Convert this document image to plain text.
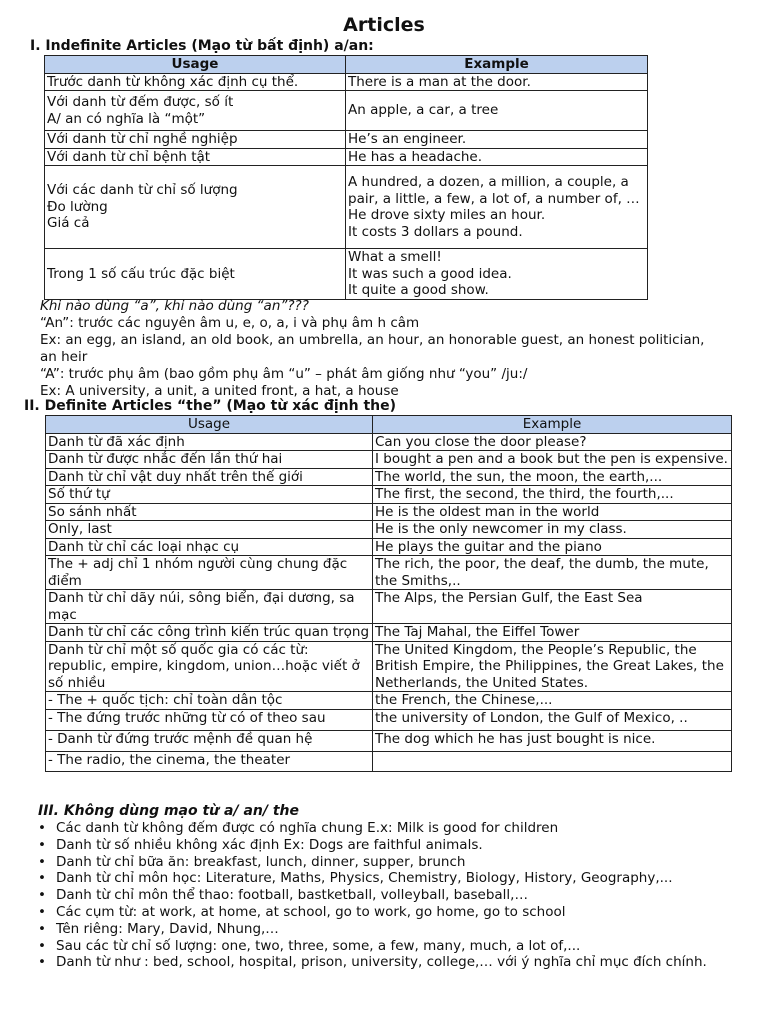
Articles
I. Indefinite Articles (Mạo từ bất định) a/an:
Usage	Example
Trước danh từ không xác định cụ thể.	There is a man at the door.
Với danh từ đếm được, số ít
A/ an có nghĩa là “một”	An apple, a car, a tree
Với danh từ chỉ nghề nghiệp	He’s an engineer.
Với danh từ chỉ bệnh tật	He has a headache.
Với các danh từ chỉ số lượng
Đo lường
Giá cả	A hundred, a dozen, a million, a couple, a pair, a little, a few, a lot of, a number of, …
He drove sixty miles an hour.
It costs 3 dollars a pound.
Trong 1 số cấu trúc đặc biệt	What a smell!
It was such a good idea.
It quite a good show.
Khi nào dùng “a”, khi nào dùng “an”???
“An”: trước các nguyên âm u, e, o, a, i và phụ âm h câm
Ex: an egg, an island, an old book, an umbrella, an hour, an honorable guest, an honest politician,
an heir
“A”: trước phụ âm (bao gồm phụ âm “u” – phát âm giống như “you” /ju:/
Ex: A university, a unit, a united front, a hat, a house
II. Definite Articles “the” (Mạo từ xác định the)
Usage	Example
Danh từ đã xác định	Can you close the door please?
Danh từ được nhắc đến lần thứ hai	I bought a pen and a book but the pen is expensive.
Danh từ chỉ vật duy nhất trên thế giới	The world, the sun, the moon, the earth,...
Số thứ tự	The first, the second, the third, the fourth,...
So sánh nhất	He is the oldest man in the world
Only, last	He is the only newcomer in my class.
Danh từ chỉ các loại nhạc cụ	He plays the guitar and the piano
The + adj chỉ 1 nhóm người cùng chung đặc điểm	The rich, the poor, the deaf, the dumb, the mute, the Smiths,..
Danh từ chỉ dãy núi, sông biển, đại dương, sa mạc	The Alps, the Persian Gulf, the East Sea
Danh từ chỉ các công trình kiến trúc quan trọng	The Taj Mahal, the Eiffel Tower
Danh từ chỉ một số quốc gia có các từ: republic, empire, kingdom, union…hoặc viết ở số nhiều	The United Kingdom, the People’s Republic, the British Empire, the Philippines, the Great Lakes, the Netherlands, the United States.
- The + quốc tịch: chỉ toàn dân tộc	the French, the Chinese,...
- The đứng trước những từ có of theo sau	the university of London, the Gulf of Mexico, ..
- Danh từ đứng trước mệnh đề quan hệ	The dog which he has just bought is nice.
- The radio, the cinema, the theater	
III. Không dùng mạo từ a/ an/ the
• Các danh từ không đếm được có nghĩa chung E.x: Milk is good for children
• Danh từ số nhiều không xác định Ex: Dogs are faithful animals.
• Danh từ chỉ bữa ăn: breakfast, lunch, dinner, supper, brunch
• Danh từ chỉ môn học: Literature, Maths, Physics, Chemistry, Biology, History, Geography,...
• Danh từ chỉ môn thể thao: football, bastketball, volleyball, baseball,…
• Các cụm từ: at work, at home, at school, go to work, go home, go to school
• Tên riêng: Mary, David, Nhung,…
• Sau các từ chỉ số lượng: one, two, three, some, a few, many, much, a lot of,...
• Danh từ như : bed, school, hospital, prison, university, college,… với ý nghĩa chỉ mục đích chính.
